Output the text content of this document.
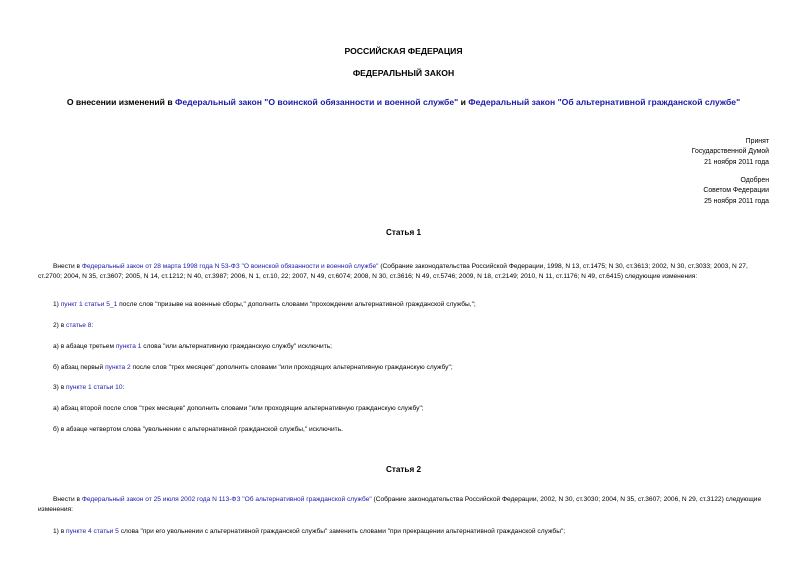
РОССИЙСКАЯ ФЕДЕРАЦИЯ
ФЕДЕРАЛЬНЫЙ ЗАКОН
О внесении изменений в Федеральный закон "О воинской обязанности и военной службе" и Федеральный закон "Об альтернативной гражданской службе"
Принят
Государственной Думой
21 ноября 2011 года
Одобрен
Советом Федерации
25 ноября 2011 года
Статья 1
Внести в Федеральный закон от 28 марта 1998 года N 53-ФЗ "О воинской обязанности и военной службе" (Собрание законодательства Российской Федерации, 1998, N 13, ст.1475; N 30, ст.3613; 2002, N 30, ст.3033; 2003, N 27, ст.2700; 2004, N 35, ст.3607; 2005, N 14, ст.1212; N 40, ст.3987; 2006, N 1, ст.10, 22; 2007, N 49, ст.6074; 2008, N 30, ст.3616; N 49, ст.5746; 2009, N 18, ст.2149; 2010, N 11, ст.1176; N 49, ст.6415) следующие изменения:
1) пункт 1 статьи 5_1 после слов "призыве на военные сборы," дополнить словами "прохождении альтернативной гражданской службы,";
2) в статье 8:
а) в абзаце третьем пункта 1 слова "или альтернативную гражданскую службу" исключить;
б) абзац первый пункта 2 после слов "трех месяцев" дополнить словами "или проходящих альтернативную гражданскую службу";
3) в пункте 1 статьи 10:
а) абзац второй после слов "трех месяцев" дополнить словами "или проходящие альтернативную гражданскую службу";
б) в абзаце четвертом слова "увольнении с альтернативной гражданской службы," исключить.
Статья 2
Внести в Федеральный закон от 25 июля 2002 года N 113-ФЗ "Об альтернативной гражданской службе" (Собрание законодательства Российской Федерации, 2002, N 30, ст.3030; 2004, N 35, ст.3607; 2006, N 29, ст.3122) следующие изменения:
1) в пункте 4 статьи 5 слова "при его увольнении с альтернативной гражданской службы" заменить словами "при прекращении альтернативной гражданской службы";
